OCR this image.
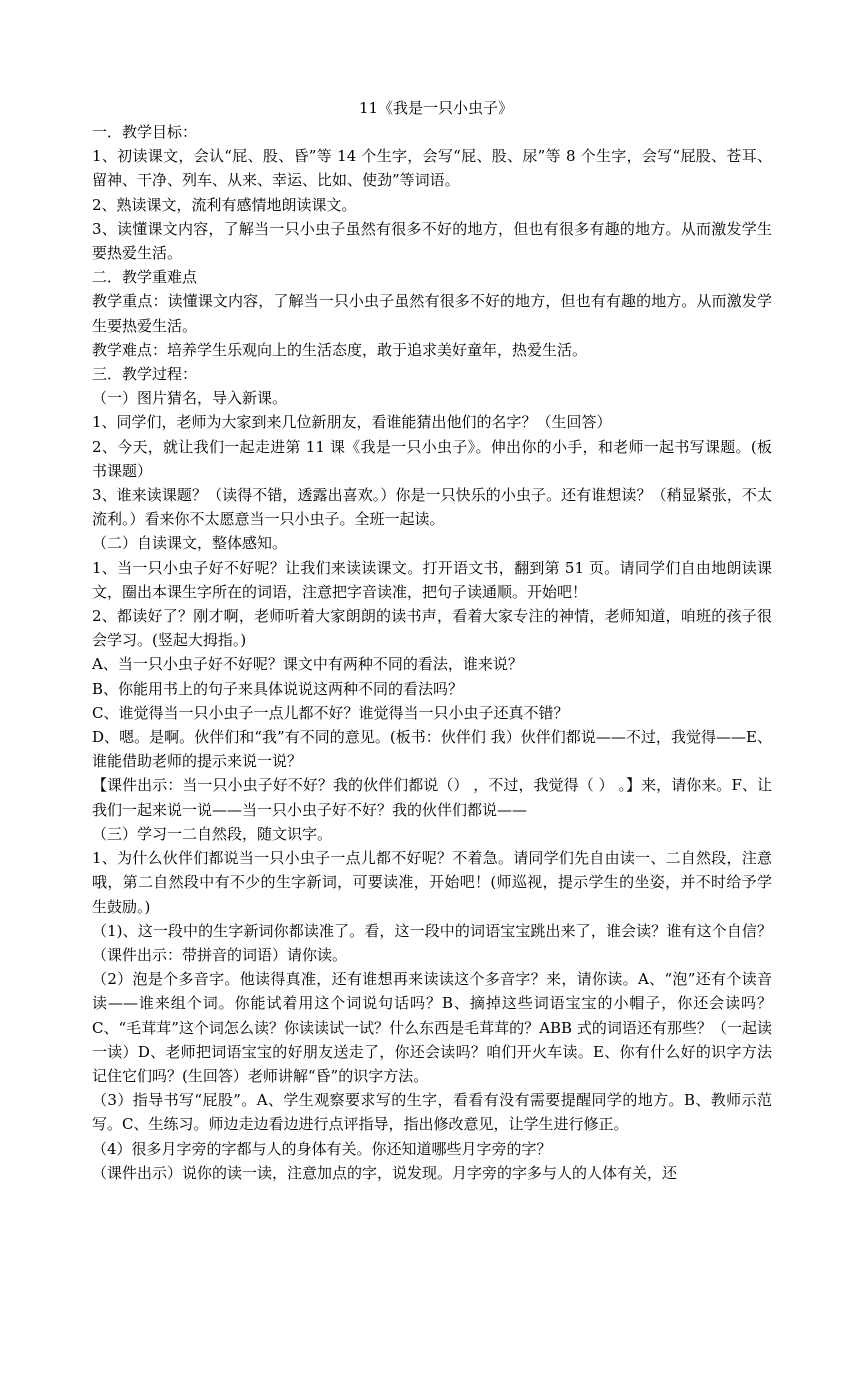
11《我是一只小虫子》

一．教学目标：

1、初读课文，会认“屁、股、昏”等 14 个生字，会写“屁、股、尿”等 8 个生字，会写“屁股、苍耳、留神、干净、列车、从来、幸运、比如、使劲”等词语。

2、熟读课文，流利有感情地朗读课文。

3、读懂课文内容，了解当一只小虫子虽然有很多不好的地方，但也有很多有趣的地方。从而激发学生要热爱生活。

二．教学重难点

教学重点：读懂课文内容，了解当一只小虫子虽然有很多不好的地方，但也有有趣的地方。从而激发学生要热爱生活。

教学难点：培养学生乐观向上的生活态度，敢于追求美好童年，热爱生活。

三．教学过程：

（一）图片猜名，导入新课。

1、同学们，老师为大家到来几位新朋友，看谁能猜出他们的名字？（生回答）

2、今天，就让我们一起走进第 11 课《我是一只小虫子》。伸出你的小手，和老师一起书写课题。(板书课题）

3、谁来读课题？（读得不错，透露出喜欢。）你是一只快乐的小虫子。还有谁想读？（稍显紧张，不太流利。）看来你不太愿意当一只小虫子。全班一起读。

（二）自读课文，整体感知。

1、当一只小虫子好不好呢？让我们来读读课文。打开语文书，翻到第 51 页。请同学们自由地朗读课文，圈出本课生字所在的词语，注意把字音读准，把句子读通顺。开始吧！

2、都读好了？刚才啊，老师听着大家朗朗的读书声，看着大家专注的神情，老师知道，咱班的孩子很会学习。(竖起大拇指。)

A、当一只小虫子好不好呢？课文中有两种不同的看法，谁来说？

B、你能用书上的句子来具体说说这两种不同的看法吗？

C、谁觉得当一只小虫子一点儿都不好？谁觉得当一只小虫子还真不错？

D、嗯。是啊。伙伴们和“我”有不同的意见。(板书：伙伴们 我）伙伴们都说——不过，我觉得——E、谁能借助老师的提示来说一说？

【课件出示：当一只小虫子好不好？我的伙伴们都说（） ，不过，我觉得（ ） 。】来，请你来。F、让我们一起来说一说——当一只小虫子好不好？我的伙伴们都说——

（三）学习一二自然段，随文识字。

1、为什么伙伴们都说当一只小虫子一点儿都不好呢？不着急。请同学们先自由读一、二自然段，注意哦，第二自然段中有不少的生字新词，可要读准，开始吧！(师巡视，提示学生的坐姿，并不时给予学生鼓励。)

（1)、这一段中的生字新词你都读准了。看，这一段中的词语宝宝跳出来了，谁会读？谁有这个自信？（课件出示：带拼音的词语）请你读。

（2）泡是个多音字。他读得真准，还有谁想再来读读这个多音字？来，请你读。A、“泡”还有个读音读——谁来组个词。你能试着用这个词说句话吗？B、摘掉这些词语宝宝的小帽子，你还会读吗？C、“毛茸茸”这个词怎么读？你读读试一试？什么东西是毛茸茸的？ABB 式的词语还有那些？（一起读一读）D、老师把词语宝宝的好朋友送走了，你还会读吗？咱们开火车读。E、你有什么好的识字方法记住它们吗？(生回答）老师讲解“昏”的识字方法。

（3）指导书写“屁股”。A、学生观察要求写的生字，看看有没有需要提醒同学的地方。B、教师示范写。C、生练习。师边走边看边进行点评指导，指出修改意见，让学生进行修正。

（4）很多月字旁的字都与人的身体有关。你还知道哪些月字旁的字？

（课件出示）说你的读一读，注意加点的字，说发现。月字旁的字多与人的人体有关，还
